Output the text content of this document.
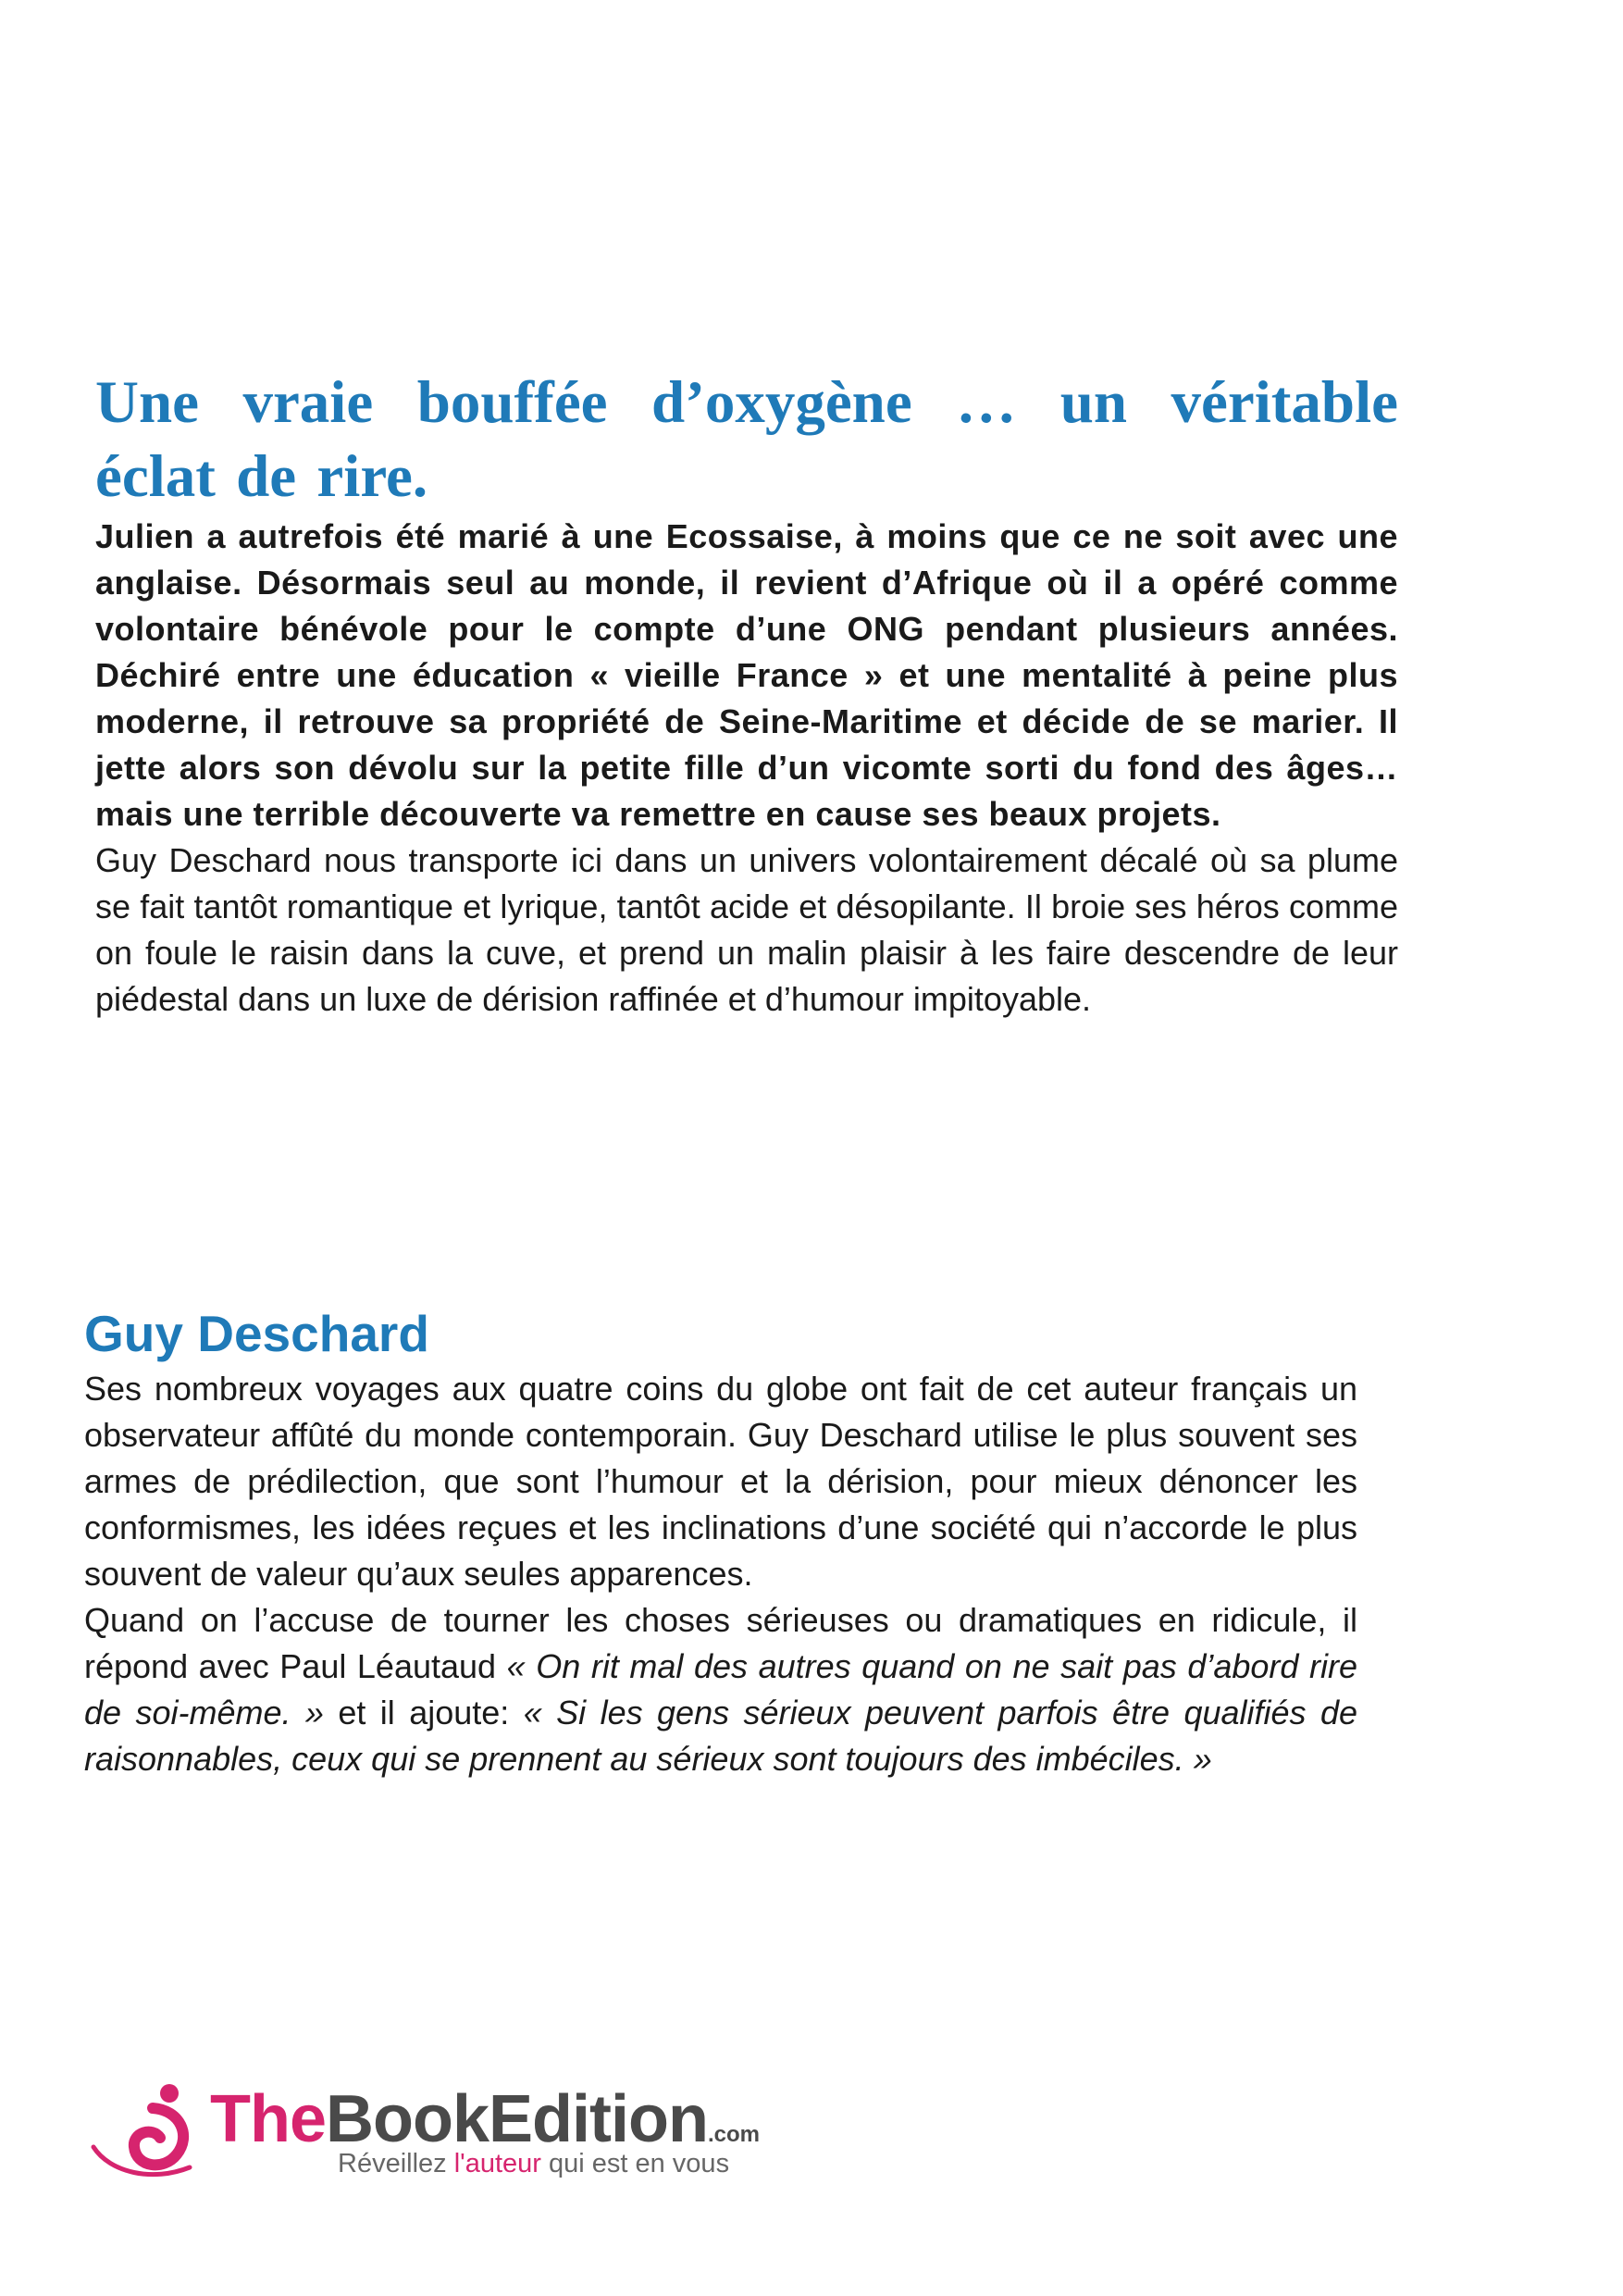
Une vraie bouffée d’oxygène … un véritable éclat de rire.

Julien a autrefois été marié à une Ecossaise, à moins que ce ne soit avec une anglaise. Désormais seul au monde, il revient d’Afrique où il a opéré comme volontaire bénévole pour le compte d’une ONG pendant plusieurs années. Déchiré entre une éducation « vieille France » et une mentalité à peine plus moderne, il retrouve sa propriété de Seine-Maritime et décide de se marier. Il jette alors son dévolu sur la petite fille d’un vicomte sorti du fond des âges… mais une terrible découverte va remettre en cause ses beaux projets.

Guy Deschard nous transporte ici dans un univers volontairement décalé où sa plume se fait tantôt romantique et lyrique, tantôt acide et désopilante. Il broie ses héros comme on foule le raisin dans la cuve, et prend un malin plaisir à les faire descendre de leur piédestal dans un luxe de dérision raffinée et d’humour impitoyable.

Guy Deschard

Ses nombreux voyages aux quatre coins du globe ont fait de cet auteur français un observateur affûté du monde contemporain. Guy Deschard utilise le plus souvent ses armes de prédilection, que sont l’humour et la dérision, pour mieux dénoncer les conformismes, les idées reçues et les inclinations d’une société qui n’accorde le plus souvent de valeur qu’aux seules apparences.

Quand on l’accuse de tourner les choses sérieuses ou dramatiques en ridicule, il répond avec Paul Léautaud « On rit mal des autres quand on ne sait pas d’abord rire de soi-même. » et il ajoute: « Si les gens sérieux peuvent parfois être qualifiés de raisonnables, ceux qui se prennent au sérieux sont toujours des imbéciles. »

TheBookEdition.com
Réveillez l'auteur qui est en vous
